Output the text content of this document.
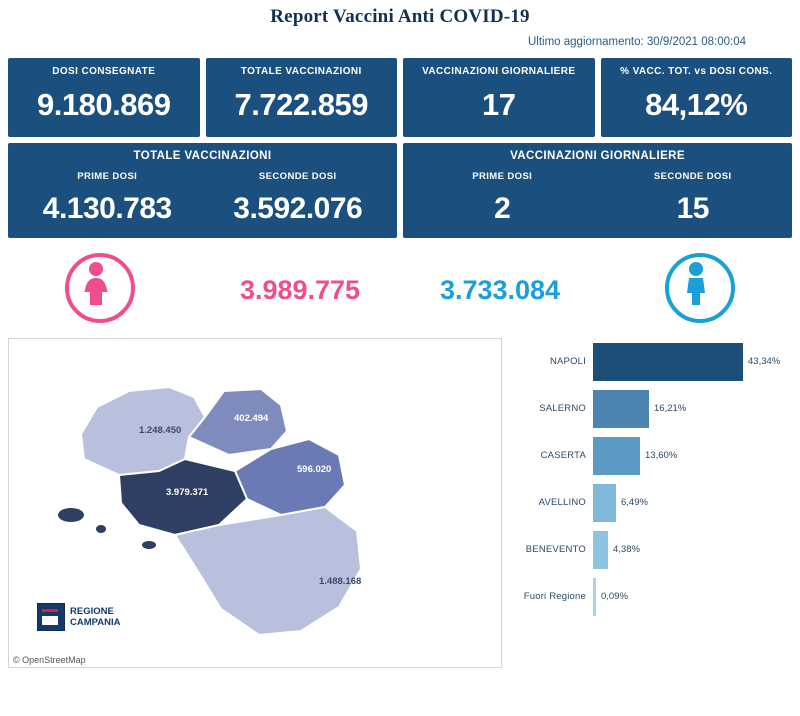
Report Vaccini Anti COVID-19
Ultimo aggiornamento: 30/9/2021 08:00:04
DOSI CONSEGNATE
9.180.869
TOTALE VACCINAZIONI
7.722.859
VACCINAZIONI GIORNALIERE
17
% VACC. TOT. vs DOSI CONS.
84,12%
TOTALE VACCINAZIONI
PRIME DOSI
4.130.783
SECONDE DOSI
3.592.076
VACCINAZIONI GIORNALIERE
PRIME DOSI
2
SECONDE DOSI
15
3.989.775	3.733.084
1.248.450
402.494
596.020
3.979.371
1.488.168
REGIONE
CAMPANIA
© OpenStreetMap
NAPOLI	43,34%
SALERNO	16,21%
CASERTA	13,60%
AVELLINO	6,49%
BENEVENTO	4,38%
Fuori Regione	0,09%
